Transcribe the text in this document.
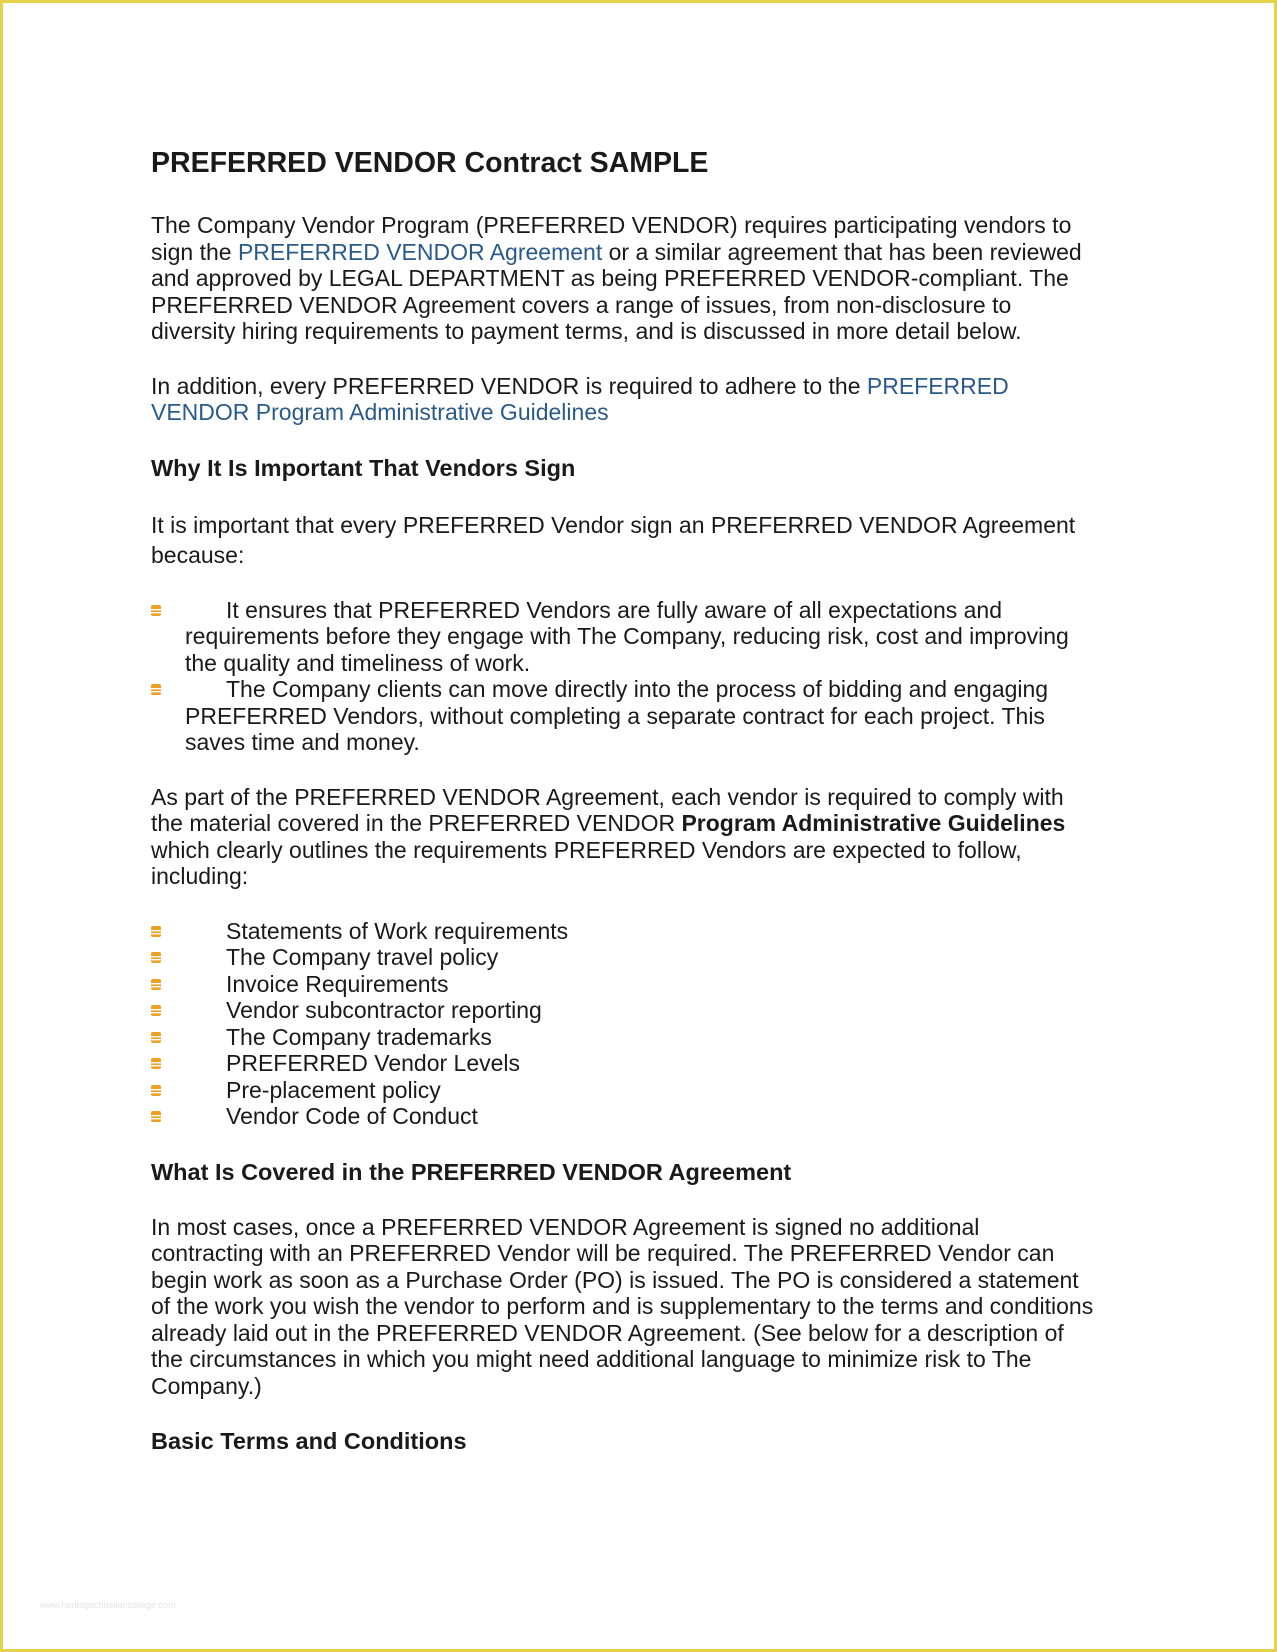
PREFERRED VENDOR Contract SAMPLE

The Company Vendor Program (PREFERRED VENDOR) requires participating vendors to sign the PREFERRED VENDOR Agreement or a similar agreement that has been reviewed and approved by LEGAL DEPARTMENT as being PREFERRED VENDOR-compliant. The PREFERRED VENDOR Agreement covers a range of issues, from non-disclosure to diversity hiring requirements to payment terms, and is discussed in more detail below.

In addition, every PREFERRED VENDOR is required to adhere to the PREFERRED VENDOR Program Administrative Guidelines

Why It Is Important That Vendors Sign

It is important that every PREFERRED Vendor sign an PREFERRED VENDOR Agreement because:

It ensures that PREFERRED Vendors are fully aware of all expectations and requirements before they engage with The Company, reducing risk, cost and improving the quality and timeliness of work.
The Company clients can move directly into the process of bidding and engaging PREFERRED Vendors, without completing a separate contract for each project. This saves time and money.

As part of the PREFERRED VENDOR Agreement, each vendor is required to comply with the material covered in the PREFERRED VENDOR Program Administrative Guidelines which clearly outlines the requirements PREFERRED Vendors are expected to follow, including:

Statements of Work requirements
The Company travel policy
Invoice Requirements
Vendor subcontractor reporting
The Company trademarks
PREFERRED Vendor Levels
Pre-placement policy
Vendor Code of Conduct
What Is Covered in the PREFERRED VENDOR Agreement

In most cases, once a PREFERRED VENDOR Agreement is signed no additional contracting with an PREFERRED Vendor will be required. The PREFERRED Vendor can begin work as soon as a Purchase Order (PO) is issued. The PO is considered a statement of the work you wish the vendor to perform and is supplementary to the terms and conditions already laid out in the PREFERRED VENDOR Agreement. (See below for a description of the circumstances in which you might need additional language to minimize risk to The Company.)

Basic Terms and Conditions
www.heritagechristiancollege.com
